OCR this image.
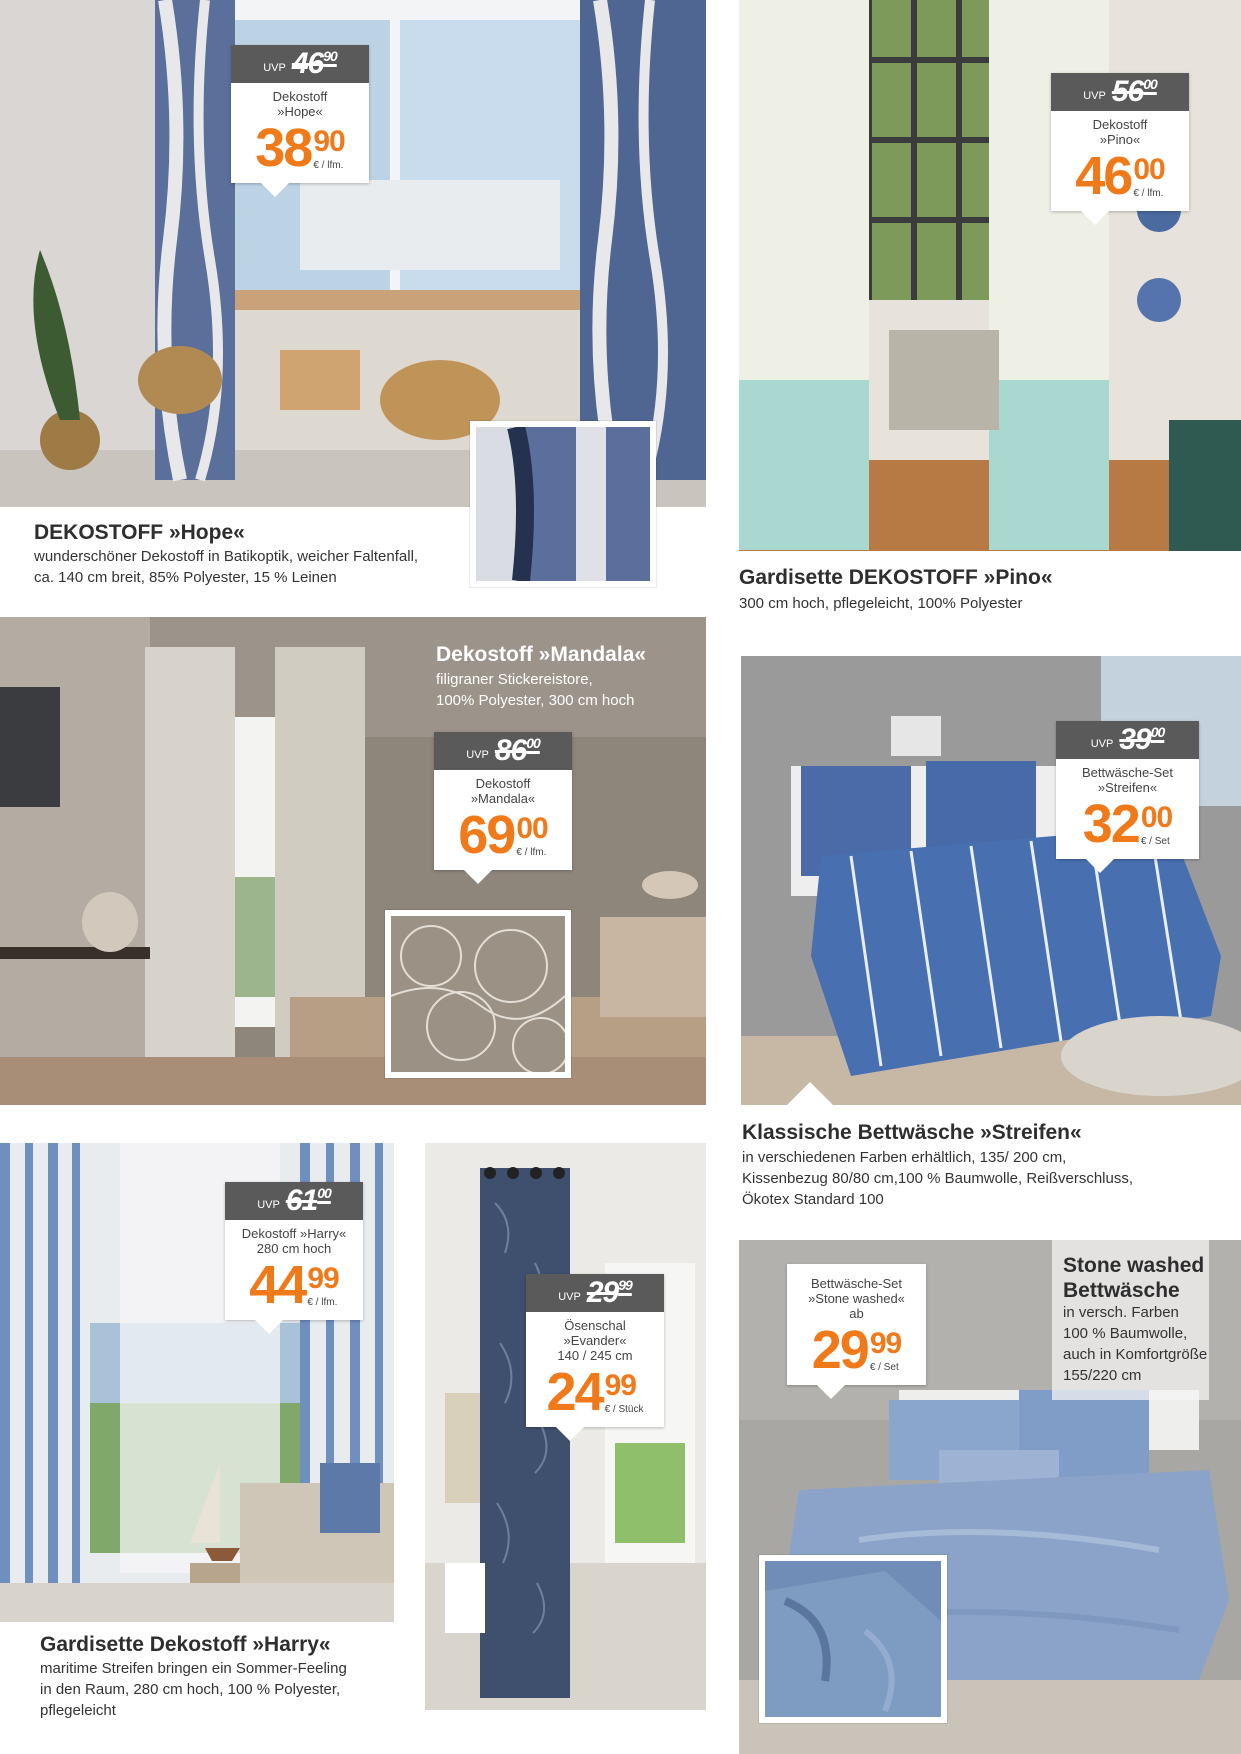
UVP $46^{90}$
Dekostoff
»Hope«
38 90
€ / lfm.
DEKOSTOFF »Hope«
wunderschöner Dekostoff in Batikoptik, weicher Faltenfall,
ca. 140 cm breit, 85% Polyester, 15 % Leinen
UVP $56^{00}$
Dekostoff
»Pino«
46 00
€ / lfm.
Gardisette DEKOSTOFF »Pino«
300 cm hoch, pflegeleicht, 100% Polyester
Dekostoff »Mandala«
filigraner Stickereistore,
100% Polyester, 300 cm hoch
UVP $86^{00}$
Dekostoff
»Mandala«
69 00
€ / lfm.
UVP $39^{00}$
Bettwäsche-Set
»Streifen«
32 00
€ / Set
Klassische Bettwäsche »Streifen«
in verschiedenen Farben erhältlich, 135/ 200 cm,
Kissenbezug 80/80 cm,100 % Baumwolle, Reißverschluss,
Ökotex Standard 100
UVP $61^{00}$
Dekostoff »Harry«
280 cm hoch
44 99
€ / lfm.
Gardisette Dekostoff »Harry«
maritime Streifen bringen ein Sommer-Feeling
in den Raum, 280 cm hoch, 100 % Polyester,
pflegeleicht
UVP $29^{99}$
Ösenschal »Evander«
140 / 245 cm
24 99
€ / Stück
Stone washed
Bettwäsche
in versch. Farben
100 % Baumwolle,
auch in Komfortgröße
155/220 cm
Bettwäsche-Set
»Stone washed«
ab
29 99
€ / Set
